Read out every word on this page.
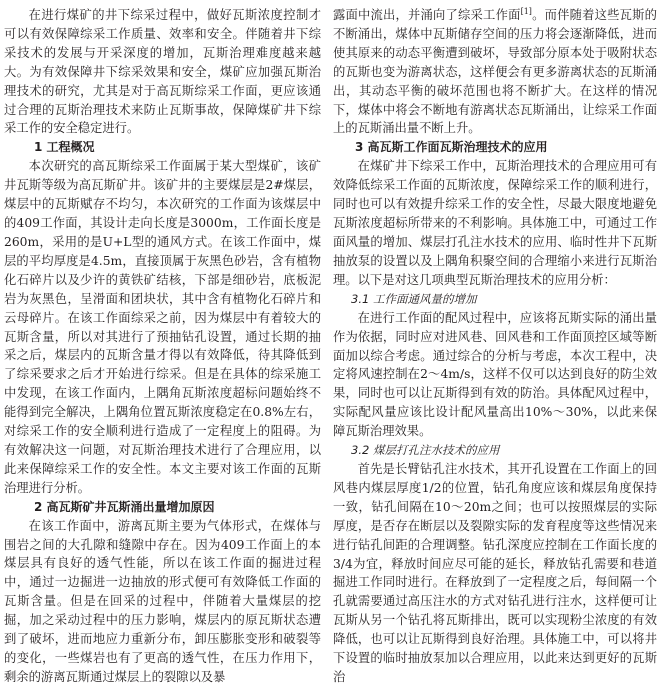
在进行煤矿的井下综采过程中，做好瓦斯浓度控制才可以有效保障综采工作质量、效率和安全。伴随着井下综采技术的发展与开采深度的增加，瓦斯治理难度越来越大。为有效保障井下综采效果和安全，煤矿应加强瓦斯治理技术的研究，尤其是对于高瓦斯综采工作面，更应该通过合理的瓦斯治理技术来防止瓦斯事故，保障煤矿井下综采工作的安全稳定进行。

1 工程概况

本次研究的高瓦斯综采工作面属于某大型煤矿，该矿井瓦斯等级为高瓦斯矿井。该矿井的主要煤层是2#煤层，煤层中的瓦斯赋存不均匀，本次研究的工作面为该煤层中的409工作面，其设计走向长度是3000m，工作面长度是260m，采用的是U+L型的通风方式。在该工作面中，煤层的平均厚度是4.5m，直接顶属于灰黑色砂岩，含有植物化石碎片以及少许的黄铁矿结核，下部是细砂岩，底板泥岩为灰黑色，呈滑面和团块状，其中含有植物化石碎片和云母碎片。在该工作面综采之前，因为煤层中有着较大的瓦斯含量，所以对其进行了预抽钻孔设置，通过长期的抽采之后，煤层内的瓦斯含量才得以有效降低，待其降低到了综采要求之后才开始进行综采。但是在具体的综采施工中发现，在该工作面内，上隅角瓦斯浓度超标问题始终不能得到完全解决，上隅角位置瓦斯浓度稳定在0.8%左右，对综采工作的安全顺利进行造成了一定程度上的阻碍。为有效解决这一问题，对瓦斯治理技术进行了合理应用，以此来保障综采工作的安全性。本文主要对该工作面的瓦斯治理进行分析。

2 高瓦斯矿井瓦斯涌出量增加原因

在该工作面中，游离瓦斯主要为气体形式，在煤体与围岩之间的大孔隙和缝隙中存在。因为409工作面上的本煤层具有良好的透气性能，所以在该工作面的掘进过程中，通过一边掘进一边抽放的形式便可有效降低工作面的瓦斯含量。但是在回采的过程中，伴随着大量煤层的挖掘，加之采动过程中的压力影响，煤层内的原瓦斯状态遭到了破坏，进而地应力重新分布，卸压膨胀变形和破裂等的变化，一些煤岩也有了更高的透气性，在压力作用下，剩余的游离瓦斯通过煤层上的裂隙以及暴

露面中流出，并涌向了综采工作面[1]。而伴随着这些瓦斯的不断涌出，煤体中瓦斯储存空间的压力将会逐渐降低，进而使其原来的动态平衡遭到破坏，导致部分原本处于吸附状态的瓦斯也变为游离状态，这样便会有更多游离状态的瓦斯涌出，其动态平衡的破坏范围也将不断扩大。在这样的情况下，煤体中将会不断地有游离状态瓦斯涌出，让综采工作面上的瓦斯涌出量不断上升。

3 高瓦斯工作面瓦斯治理技术的应用

在煤矿井下综采工作中，瓦斯治理技术的合理应用可有效降低综采工作面的瓦斯浓度，保障综采工作的顺利进行，同时也可以有效提升综采工作的安全性，尽最大限度地避免瓦斯浓度超标所带来的不利影响。具体施工中，可通过工作面风量的增加、煤层打孔注水技术的应用、临时性井下瓦斯抽放泵的设置以及上隅角积聚空间的合理缩小来进行瓦斯治理。以下是对这几项典型瓦斯治理技术的应用分析：

3.1 工作面通风量的增加

在进行工作面的配风过程中，应该将瓦斯实际的涌出量作为依据，同时应对进风巷、回风巷和工作面顶控区域等断面加以综合考虑。通过综合的分析与考虑，本次工程中，决定将风速控制在2～4m/s，这样不仅可以达到良好的防尘效果，同时也可以让瓦斯得到有效的防治。具体配风过程中，实际配风量应该比设计配风量高出10%～30%，以此来保障瓦斯治理效果。

3.2 煤层打孔注水技术的应用

首先是长臂钻孔注水技术，其开孔设置在工作面上的回风巷内煤层厚度1/2的位置，钻孔角度应该和煤层角度保持一致，钻孔间隔在10～20m之间；也可以按照煤层的实际厚度，是否存在断层以及裂隙实际的发育程度等这些情况来进行钻孔间距的合理调整。钻孔深度应控制在工作面长度的3/4为宜，释放时间应尽可能的延长，释放钻孔需要和巷道掘进工作同时进行。在释放到了一定程度之后，每间隔一个孔就需要通过高压注水的方式对钻孔进行注水，这样便可让瓦斯从另一个钻孔将瓦斯排出，既可以实现粉尘浓度的有效降低，也可以让瓦斯得到良好治理。具体施工中，可以将井下设置的临时抽放泵加以合理应用，以此来达到更好的瓦斯治
